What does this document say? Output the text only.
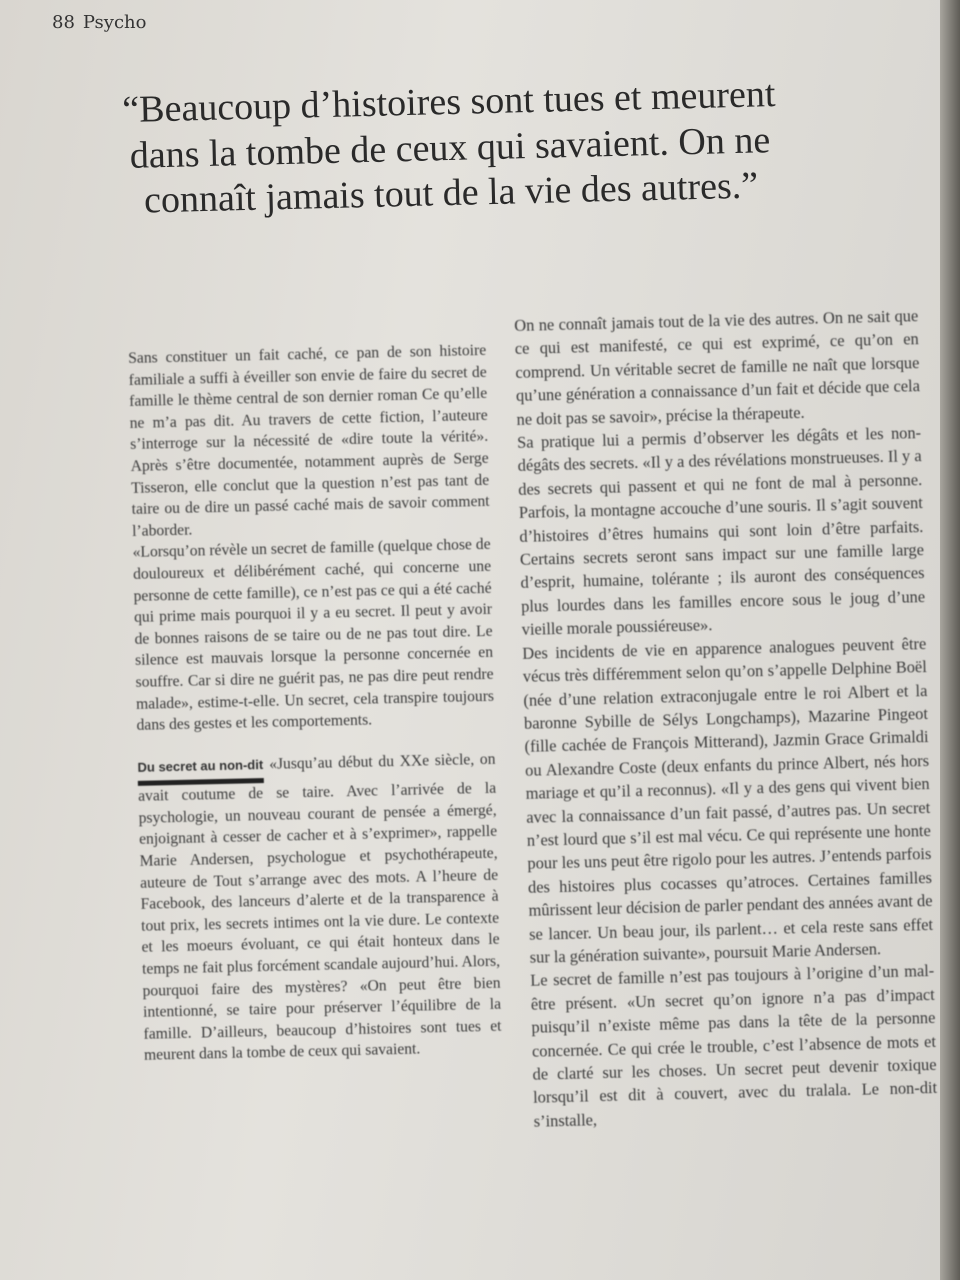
88 Psycho
“Beaucoup d’histoires sont tues et meurent dans la tombe de ceux qui savaient. On ne connaît jamais tout de la vie des autres.”

Sans constituer un fait caché, ce pan de son histoire familiale a suffi à éveiller son envie de faire du secret de famille le thème central de son dernier roman Ce qu’elle ne m’a pas dit. Au travers de cette fiction, l’auteure s’interroge sur la nécessité de «dire toute la vérité». Après s’être documentée, notamment auprès de Serge Tisseron, elle conclut que la question n’est pas tant de taire ou de dire un passé caché mais de savoir comment l’aborder.

«Lorsqu’on révèle un secret de famille (quelque chose de douloureux et délibérément caché, qui concerne une personne de cette famille), ce n’est pas ce qui a été caché qui prime mais pourquoi il y a eu secret. Il peut y avoir de bonnes raisons de se taire ou de ne pas tout dire. Le silence est mauvais lorsque la personne concernée en souffre. Car si dire ne guérit pas, ne pas dire peut rendre malade», estime-t-elle. Un secret, cela transpire toujours dans des gestes et les comportements.

Du secret au non-dit «Jusqu’au début du XXe siècle, on avait coutume de se taire. Avec l’arrivée de la psychologie, un nouveau courant de pensée a émergé, enjoignant à cesser de cacher et à s’exprimer», rappelle Marie Andersen, psychologue et psychothérapeute, auteure de Tout s’arrange avec des mots. A l’heure de Facebook, des lanceurs d’alerte et de la transparence à tout prix, les secrets intimes ont la vie dure. Le contexte et les moeurs évoluant, ce qui était honteux dans le temps ne fait plus forcément scandale aujourd’hui. Alors, pourquoi faire des mystères? «On peut être bien intentionné, se taire pour préserver l’équilibre de la famille. D’ailleurs, beaucoup d’histoires sont tues et meurent dans la tombe de ceux qui savaient.

On ne connaît jamais tout de la vie des autres. On ne sait que ce qui est manifesté, ce qui est exprimé, ce qu’on en comprend. Un véritable secret de famille ne naît que lorsque qu’une génération a connaissance d’un fait et décide que cela ne doit pas se savoir», précise la thérapeute.

Sa pratique lui a permis d’observer les dégâts et les non-dégâts des secrets. «Il y a des révélations monstrueuses. Il y a des secrets qui passent et qui ne font de mal à personne. Parfois, la montagne accouche d’une souris. Il s’agit souvent d’histoires d’êtres humains qui sont loin d’être parfaits. Certains secrets seront sans impact sur une famille large d’esprit, humaine, tolérante ; ils auront des conséquences plus lourdes dans les familles encore sous le joug d’une vieille morale poussiéreuse».

Des incidents de vie en apparence analogues peuvent être vécus très différemment selon qu’on s’appelle Delphine Boël (née d’une relation extraconjugale entre le roi Albert et la baronne Sybille de Sélys Longchamps), Mazarine Pingeot (fille cachée de François Mitterand), Jazmin Grace Grimaldi ou Alexandre Coste (deux enfants du prince Albert, nés hors mariage et qu’il a reconnus). «Il y a des gens qui vivent bien avec la connaissance d’un fait passé, d’autres pas. Un secret n’est lourd que s’il est mal vécu. Ce qui représente une honte pour les uns peut être rigolo pour les autres. J’entends parfois des histoires plus cocasses qu’atroces. Certaines familles mûrissent leur décision de parler pendant des années avant de se lancer. Un beau jour, ils parlent… et cela reste sans effet sur la génération suivante», poursuit Marie Andersen.

Le secret de famille n’est pas toujours à l’origine d’un mal-être présent. «Un secret qu’on ignore n’a pas d’impact puisqu’il n’existe même pas dans la tête de la personne concernée. Ce qui crée le trouble, c’est l’absence de mots et de clarté sur les choses. Un secret peut devenir toxique lorsqu’il est dit à couvert, avec du tralala. Le non-dit s’installe,
